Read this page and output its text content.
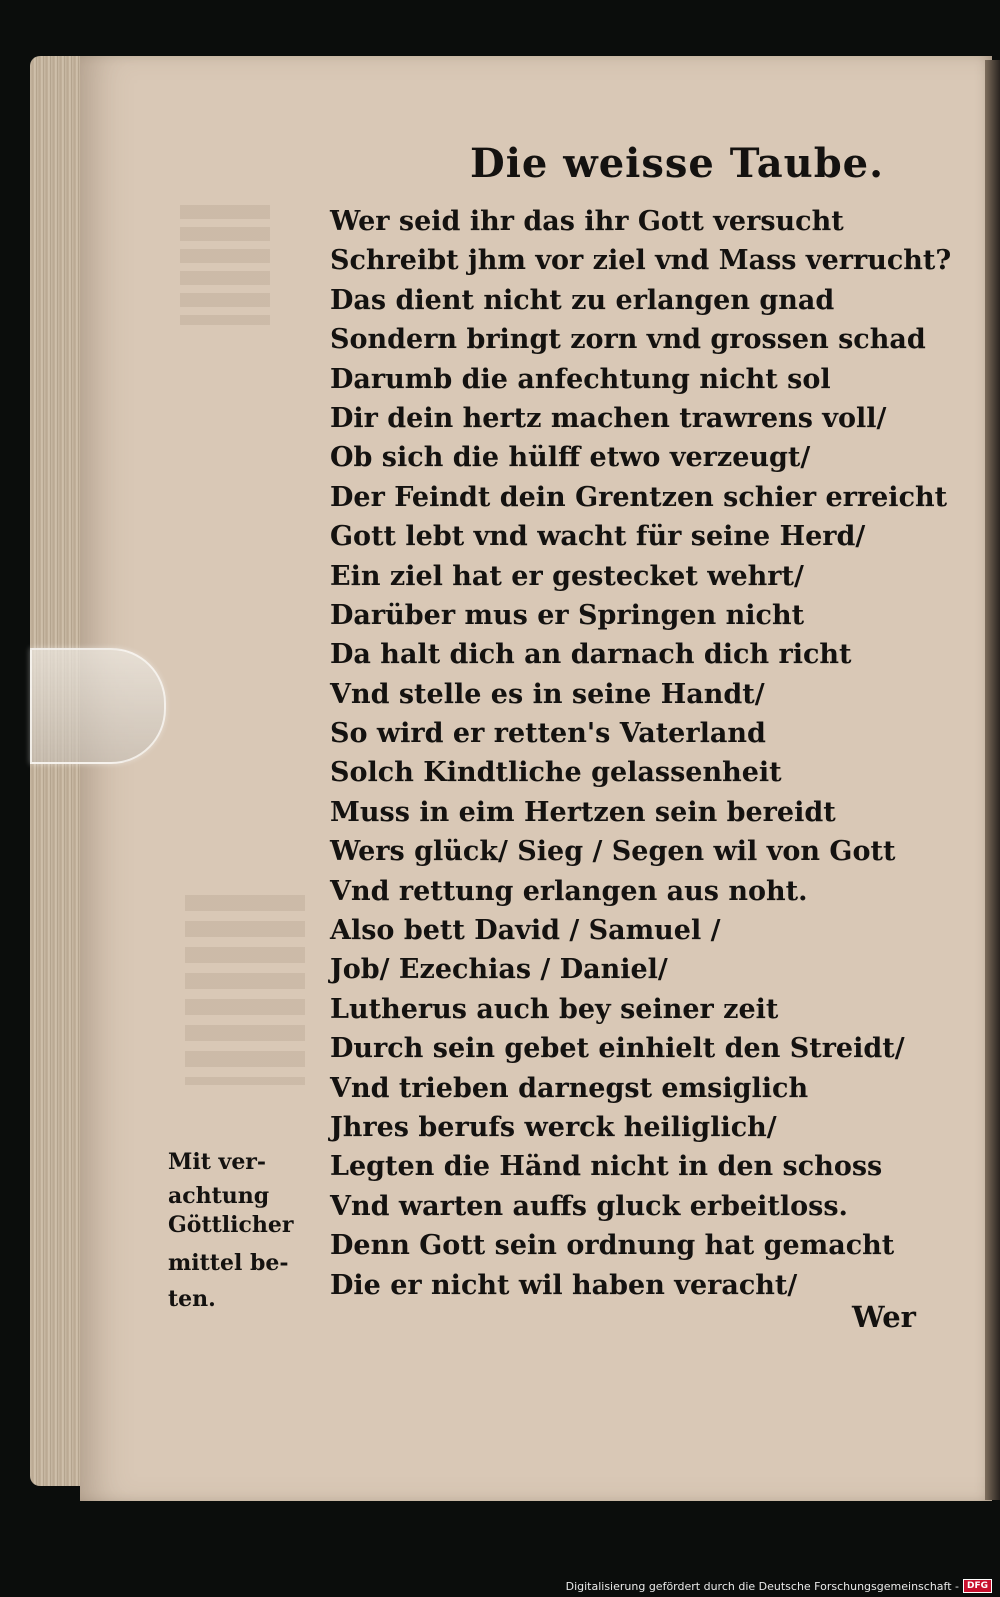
Die weisse Taube.
Wer seid ihr das ihr Gott versucht
Schreibt jhm vor ziel vnd Mass verrucht?
Das dient nicht zu erlangen gnad
Sondern bringt zorn vnd grossen schad
Darumb die anfechtung nicht sol
Dir dein hertz machen trawrens voll/
Ob sich die hülff etwo verzeugt/
Der Feindt dein Grentzen schier erreicht
Gott lebt vnd wacht für seine Herd/
Ein ziel hat er gestecket wehrt/
Darüber mus er Springen nicht
Da halt dich an darnach dich richt
Vnd stelle es in seine Handt/
So wird er retten's Vaterland
Solch Kindtliche gelassenheit
Muss in eim Hertzen sein bereidt
Wers glück/ Sieg / Segen wil von Gott
Vnd rettung erlangen aus noht.
Also bett David / Samuel /
Job/ Ezechias / Daniel/
Lutherus auch bey seiner zeit
Durch sein gebet einhielt den Streidt/
Vnd trieben darnegst emsiglich
Jhres berufs werck heiliglich/
Legten die Händ nicht in den schoss
Vnd warten auffs gluck erbeitloss.
Denn Gott sein ordnung hat gemacht
Die er nicht wil haben veracht/
Mit ver-
achtung
Göttlicher
mittel be-
ten.
Wer
Digitalisierung gefördert durch die Deutsche Forschungsgemeinschaft - DFG
